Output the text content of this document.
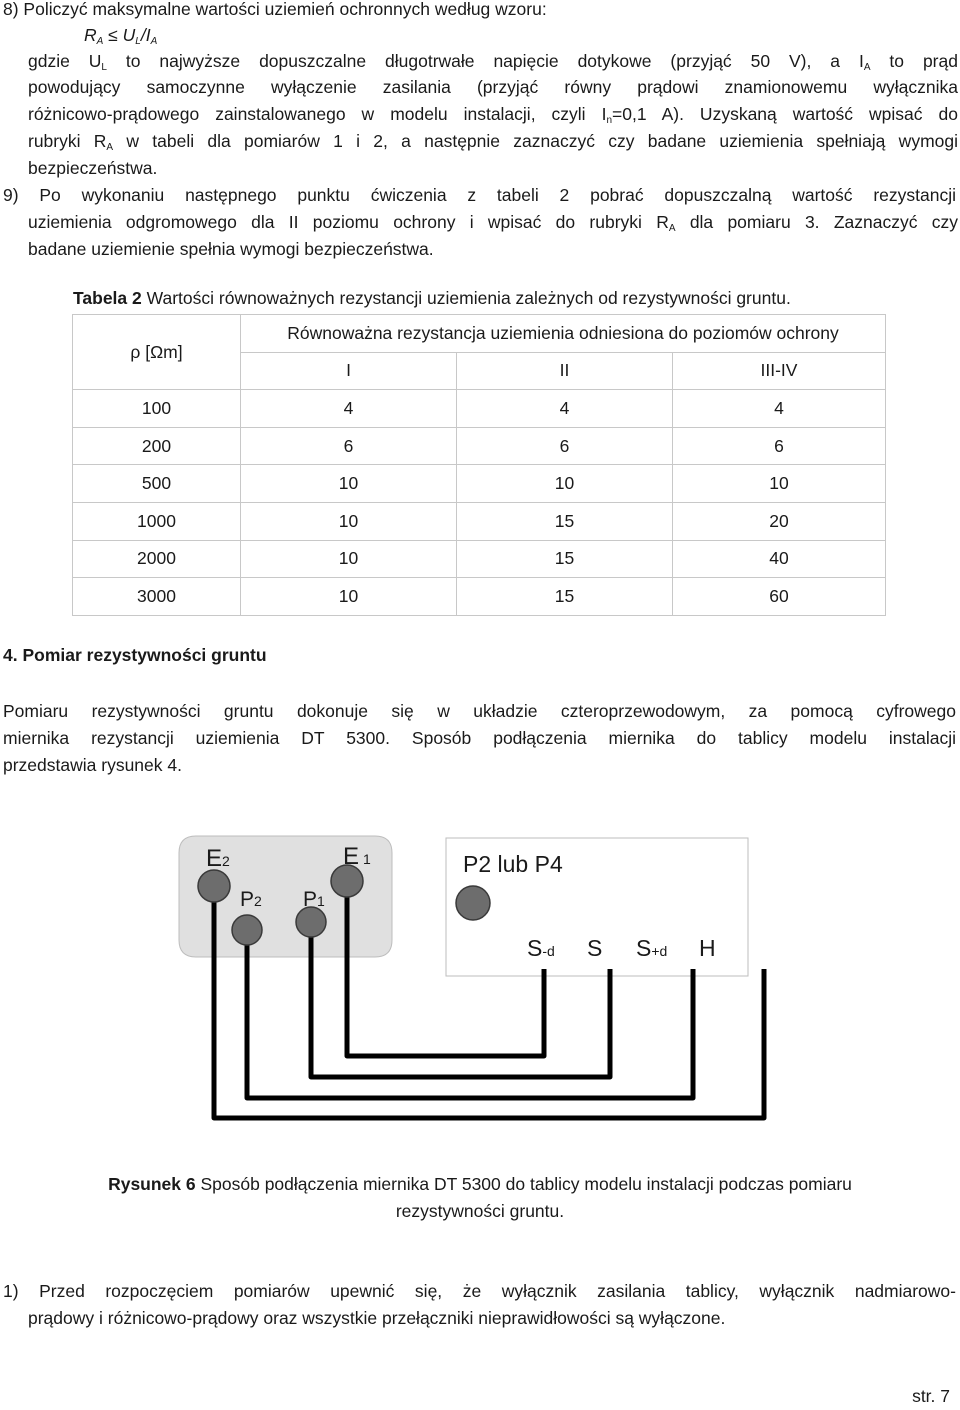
8) Policzyć maksymalne wartości uziemień ochronnych według wzoru:
$R_A \le U_L/I_A$
gdzie $U_L$ to najwyższe dopuszczalne długotrwałe napięcie dotykowe (przyjąć 50 V), a $I_A$ to prąd
powodujący samoczynne wyłączenie zasilania (przyjąć równy prądowi znamionowemu wyłącznika
różnicowo-prądowego zainstalowanego w modelu instalacji, czyli $I_n=0,1$ A). Uzyskaną wartość wpisać do
rubryki $R_A$ w tabeli dla pomiarów 1 i 2, a następnie zaznaczyć czy badane uziemienia spełniają wymogi
bezpieczeństwa.
9) Po wykonaniu następnego punktu ćwiczenia z tabeli 2 pobrać dopuszczalną wartość rezystancji
uziemienia odgromowego dla II poziomu ochrony i wpisać do rubryki $R_A$ dla pomiaru 3. Zaznaczyć czy
badane uziemienie spełnia wymogi bezpieczeństwa.
Tabela 2 Wartości równoważnych rezystancji uziemienia zależnych od rezystywności gruntu.
ρ [Ωm]	Równoważna rezystancja uziemienia odniesiona do poziomów ochrony		
	I	II	III-IV
100	4	4	4
200	6	6	6
500	10	10	10
1000	10	15	20
2000	10	15	40
3000	10	15	60
4. Pomiar rezystywności gruntu
Pomiaru rezystywności gruntu dokonuje się w układzie czteroprzewodowym, za pomocą cyfrowego
miernika rezystancji uziemienia DT 5300. Sposób podłączenia miernika do tablicy modelu instalacji
przedstawia rysunek 4.
E2
P2 P1
E 1	P2 lub P4
S-d S S+d H
Rysunek 6 Sposób podłączenia miernika DT 5300 do tablicy modelu instalacji podczas pomiaru
rezystywności gruntu.
1) Przed rozpoczęciem pomiarów upewnić się, że wyłącznik zasilania tablicy, wyłącznik nadmiarowo-
prądowy i różnicowo-prądowy oraz wszystkie przełączniki nieprawidłowości są wyłączone.
str. 7
